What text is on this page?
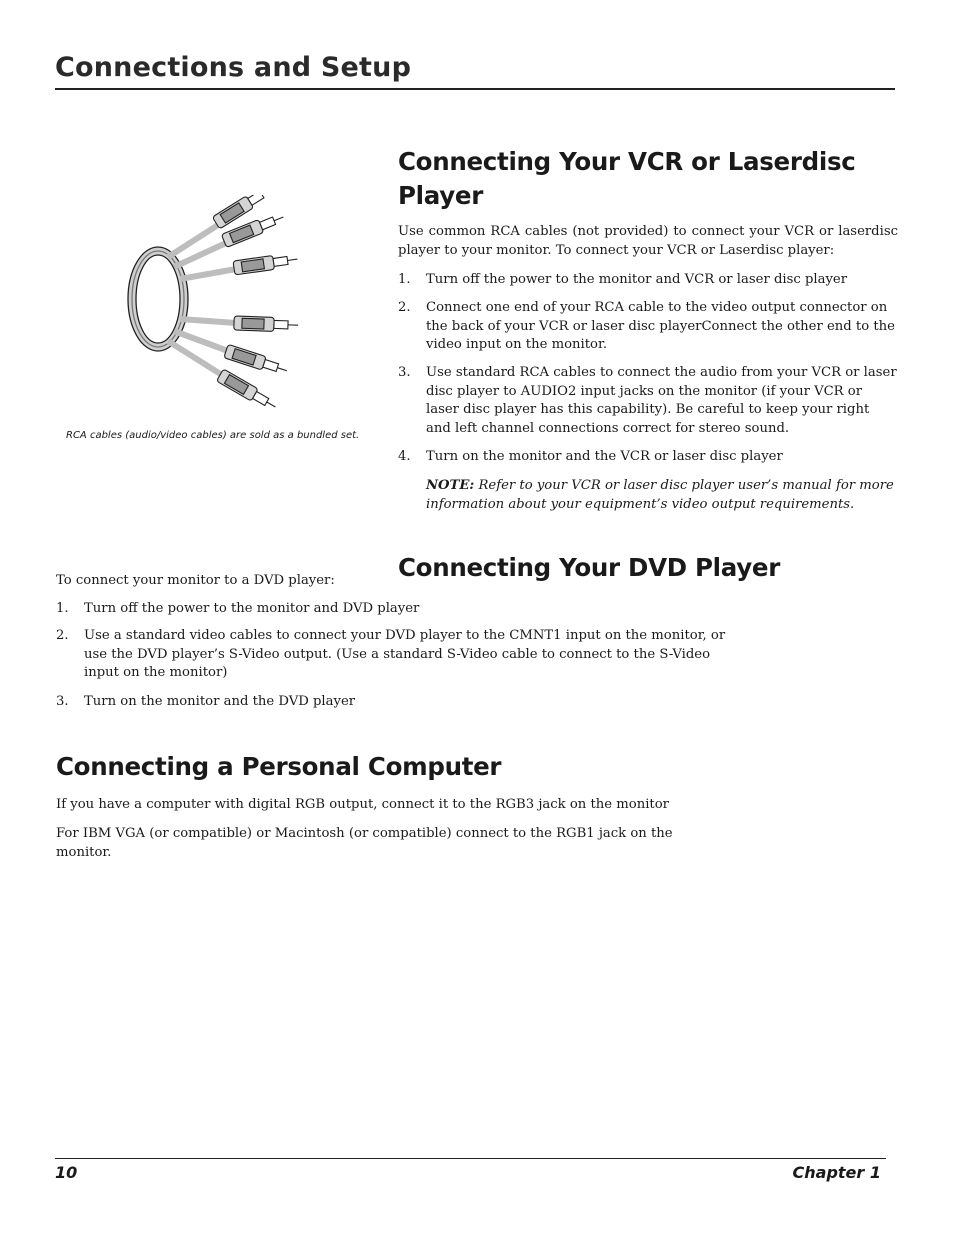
Connections and Setup

RCA cables (audio/video cables) are sold as a bundled set.

Connecting Your VCR or Laserdisc
Player

Use common RCA cables (not provided) to connect your VCR or laserdisc player to your monitor. To connect your VCR or Laserdisc player:

1.	Turn off the power to the monitor and VCR or laser disc player
2.	Connect one end of your RCA cable to the video output connector on the back of your VCR or laser disc playerConnect the other end to the video input on the monitor.
3.	Use standard RCA cables to connect the audio from your VCR or laser disc player to AUDIO2 input jacks on the monitor (if your VCR or laser disc player has this capability). Be careful to keep your right and left channel connections correct for stereo sound.
4.	Turn on the monitor and the VCR or laser disc player

NOTE: Refer to your VCR or laser disc player user’s manual for more information about your equipment’s video output requirements.

Connecting Your DVD Player

To connect your monitor to a DVD player:

1.	Turn off the power to the monitor and DVD player
2.	Use a standard video cables to connect your DVD player to the CMNT1 input on the monitor, or use the DVD player’s S-Video output. (Use a standard S-Video cable to connect to the S-Video input on the monitor)
3.	Turn on the monitor and the DVD player
Connecting a Personal Computer

If you have a computer with digital RGB output, connect it to the RGB3 jack on the monitor

For IBM VGA (or compatible) or Macintosh (or compatible) connect to the RGB1 jack on the monitor.

10	Chapter 1
